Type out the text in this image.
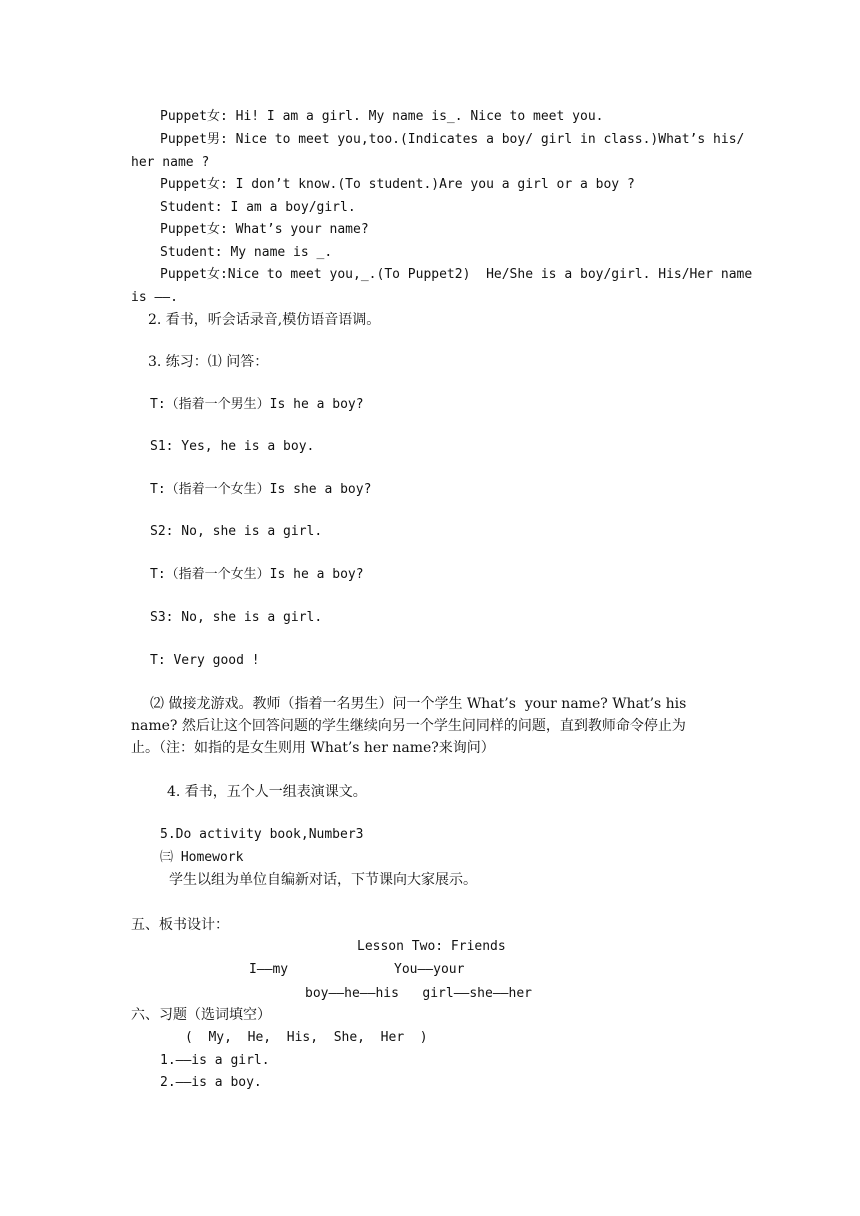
Puppet女: Hi! I am a girl. My name is_. Nice to meet you.
Puppet男: Nice to meet you,too.(Indicates a boy/ girl in class.)What’s his/
her name ?
Puppet女: I don’t know.(To student.)Are you a girl or a boy ?
Student: I am a boy/girl.
Puppet女: What’s your name?
Student: My name is _.
Puppet女:Nice to meet you,_.(To Puppet2)  He/She is a boy/girl. His/Her name
is ——.
2. 看书，听会话录音,模仿语音语调。
3. 练习：⑴ 问答：
T:（指着一个男生）Is he a boy?
S1: Yes, he is a boy.
T:（指着一个女生）Is she a boy?
S2: No, she is a girl.
T:（指着一个女生）Is he a boy?
S3: No, she is a girl.
T: Very good !
⑵ 做接龙游戏。教师（指着一名男生）问一个学生 What’s  your name? What’s his
name? 然后让这个回答问题的学生继续向另一个学生问同样的问题，直到教师命令停止为
止。（注：如指的是女生则用 What’s her name?来询问）
4. 看书，五个人一组表演课文。
5.Do activity book,Number3
㈢ Homework
学生以组为单位自编新对话，下节课向大家展示。
五、板书设计：
Lesson Two: Friends
I——my	You——your
boy——he——his   girl——she——her
六、习题（选词填空）
(  My,  He,  His,  She,  Her  )
1.——is a girl.
2.——is a boy.
